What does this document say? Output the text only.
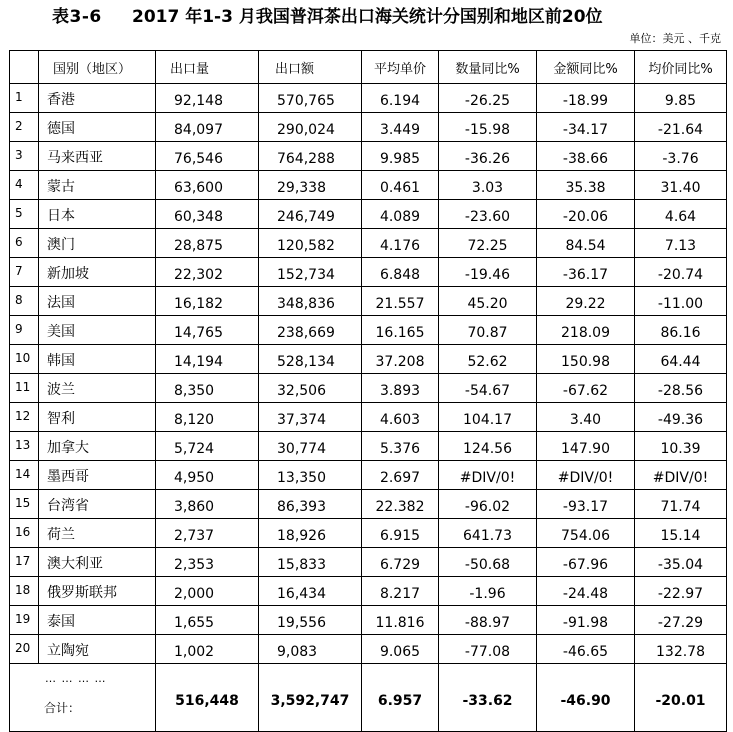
表3-6 2017 年1-3 月我国普洱茶出口海关统计分国别和地区前20位
单位：美元 、千克
	国别（地区）	出口量	出口额	平均单价	数量同比%	金额同比%	均价同比%
1	香港	92,148	570,765	6.194	-26.25	-18.99	9.85
2	德国	84,097	290,024	3.449	-15.98	-34.17	-21.64
3	马来西亚	76,546	764,288	9.985	-36.26	-38.66	-3.76
4	蒙古	63,600	29,338	0.461	3.03	35.38	31.40
5	日本	60,348	246,749	4.089	-23.60	-20.06	4.64
6	澳门	28,875	120,582	4.176	72.25	84.54	7.13
7	新加坡	22,302	152,734	6.848	-19.46	-36.17	-20.74
8	法国	16,182	348,836	21.557	45.20	29.22	-11.00
9	美国	14,765	238,669	16.165	70.87	218.09	86.16
10	韩国	14,194	528,134	37.208	52.62	150.98	64.44
11	波兰	8,350	32,506	3.893	-54.67	-67.62	-28.56
12	智利	8,120	37,374	4.603	104.17	3.40	-49.36
13	加拿大	5,724	30,774	5.376	124.56	147.90	10.39
14	墨西哥	4,950	13,350	2.697	#DIV/0!	#DIV/0!	#DIV/0!
15	台湾省	3,860	86,393	22.382	-96.02	-93.17	71.74
16	荷兰	2,737	18,926	6.915	641.73	754.06	15.14
17	澳大利亚	2,353	15,833	6.729	-50.68	-67.96	-35.04
18	俄罗斯联邦	2,000	16,434	8.217	-1.96	-24.48	-22.97
19	泰国	1,655	19,556	11.816	-88.97	-91.98	-27.29
20	立陶宛	1,002	9,083	9.065	-77.08	-46.65	132.78

… … … …
合计：		516,448	3,592,747	6.957	-33.62	-46.90	-20.01
